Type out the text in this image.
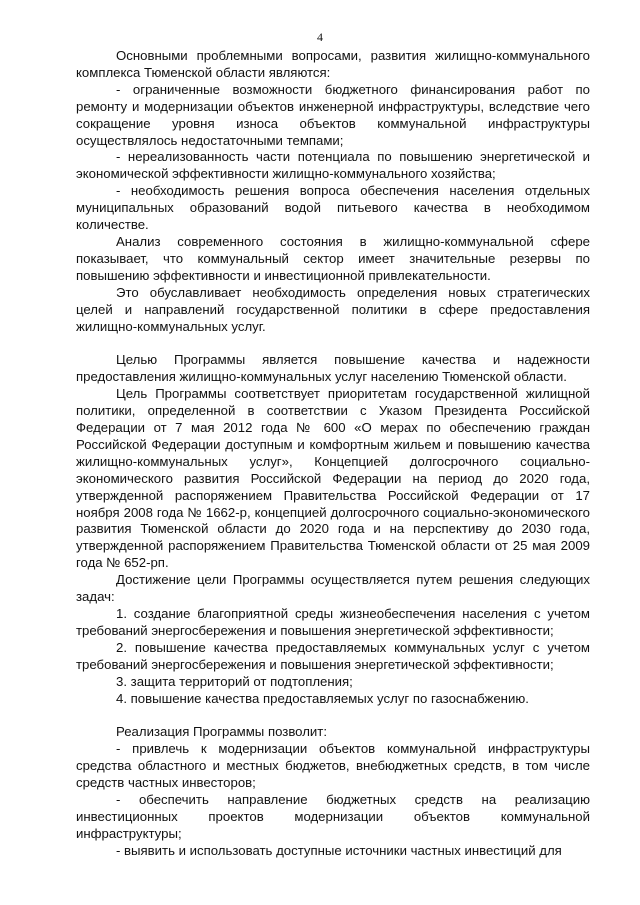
4

Основными проблемными вопросами, развития жилищно-коммунального комплекса Тюменской области являются:

- ограниченные возможности бюджетного финансирования работ по ремонту и модернизации объектов инженерной инфраструктуры, вследствие чего сокращение уровня износа объектов коммунальной инфраструктуры осуществлялось недостаточными темпами;

- нереализованность части потенциала по повышению энергетической и экономической эффективности жилищно-коммунального хозяйства;

- необходимость решения вопроса обеспечения населения отдельных муниципальных образований водой питьевого качества в необходимом количестве.

Анализ современного состояния в жилищно-коммунальной сфере показывает, что коммунальный сектор имеет значительные резервы по повышению эффективности и инвестиционной привлекательности.

Это обуславливает необходимость определения новых стратегических целей и направлений государственной политики в сфере предоставления жилищно-коммунальных услуг.

Целью Программы является повышение качества и надежности предоставления жилищно-коммунальных услуг населению Тюменской области.

Цель Программы соответствует приоритетам государственной жилищной политики, определенной в соответствии с Указом Президента Российской Федерации от 7 мая 2012 года № 600 «О мерах по обеспечению граждан Российской Федерации доступным и комфортным жильем и повышению качества жилищно-коммунальных услуг», Концепцией долгосрочного социально-экономического развития Российской Федерации на период до 2020 года, утвержденной распоряжением Правительства Российской Федерации от 17 ноября 2008 года № 1662-р, концепцией долгосрочного социально-экономического развития Тюменской области до 2020 года и на перспективу до 2030 года, утвержденной распоряжением Правительства Тюменской области от 25 мая 2009 года № 652-рп.

Достижение цели Программы осуществляется путем решения следующих задач:

1. создание благоприятной среды жизнеобеспечения населения с учетом требований энергосбережения и повышения энергетической эффективности;

2. повышение качества предоставляемых коммунальных услуг с учетом требований энергосбережения и повышения энергетической эффективности;

3. защита территорий от подтопления;

4. повышение качества предоставляемых услуг по газоснабжению.

Реализация Программы позволит:

- привлечь к модернизации объектов коммунальной инфраструктуры средства областного и местных бюджетов, внебюджетных средств, в том числе средств частных инвесторов;

- обеспечить направление бюджетных средств на реализацию инвестиционных проектов модернизации объектов коммунальной инфраструктуры;

- выявить и использовать доступные источники частных инвестиций для
